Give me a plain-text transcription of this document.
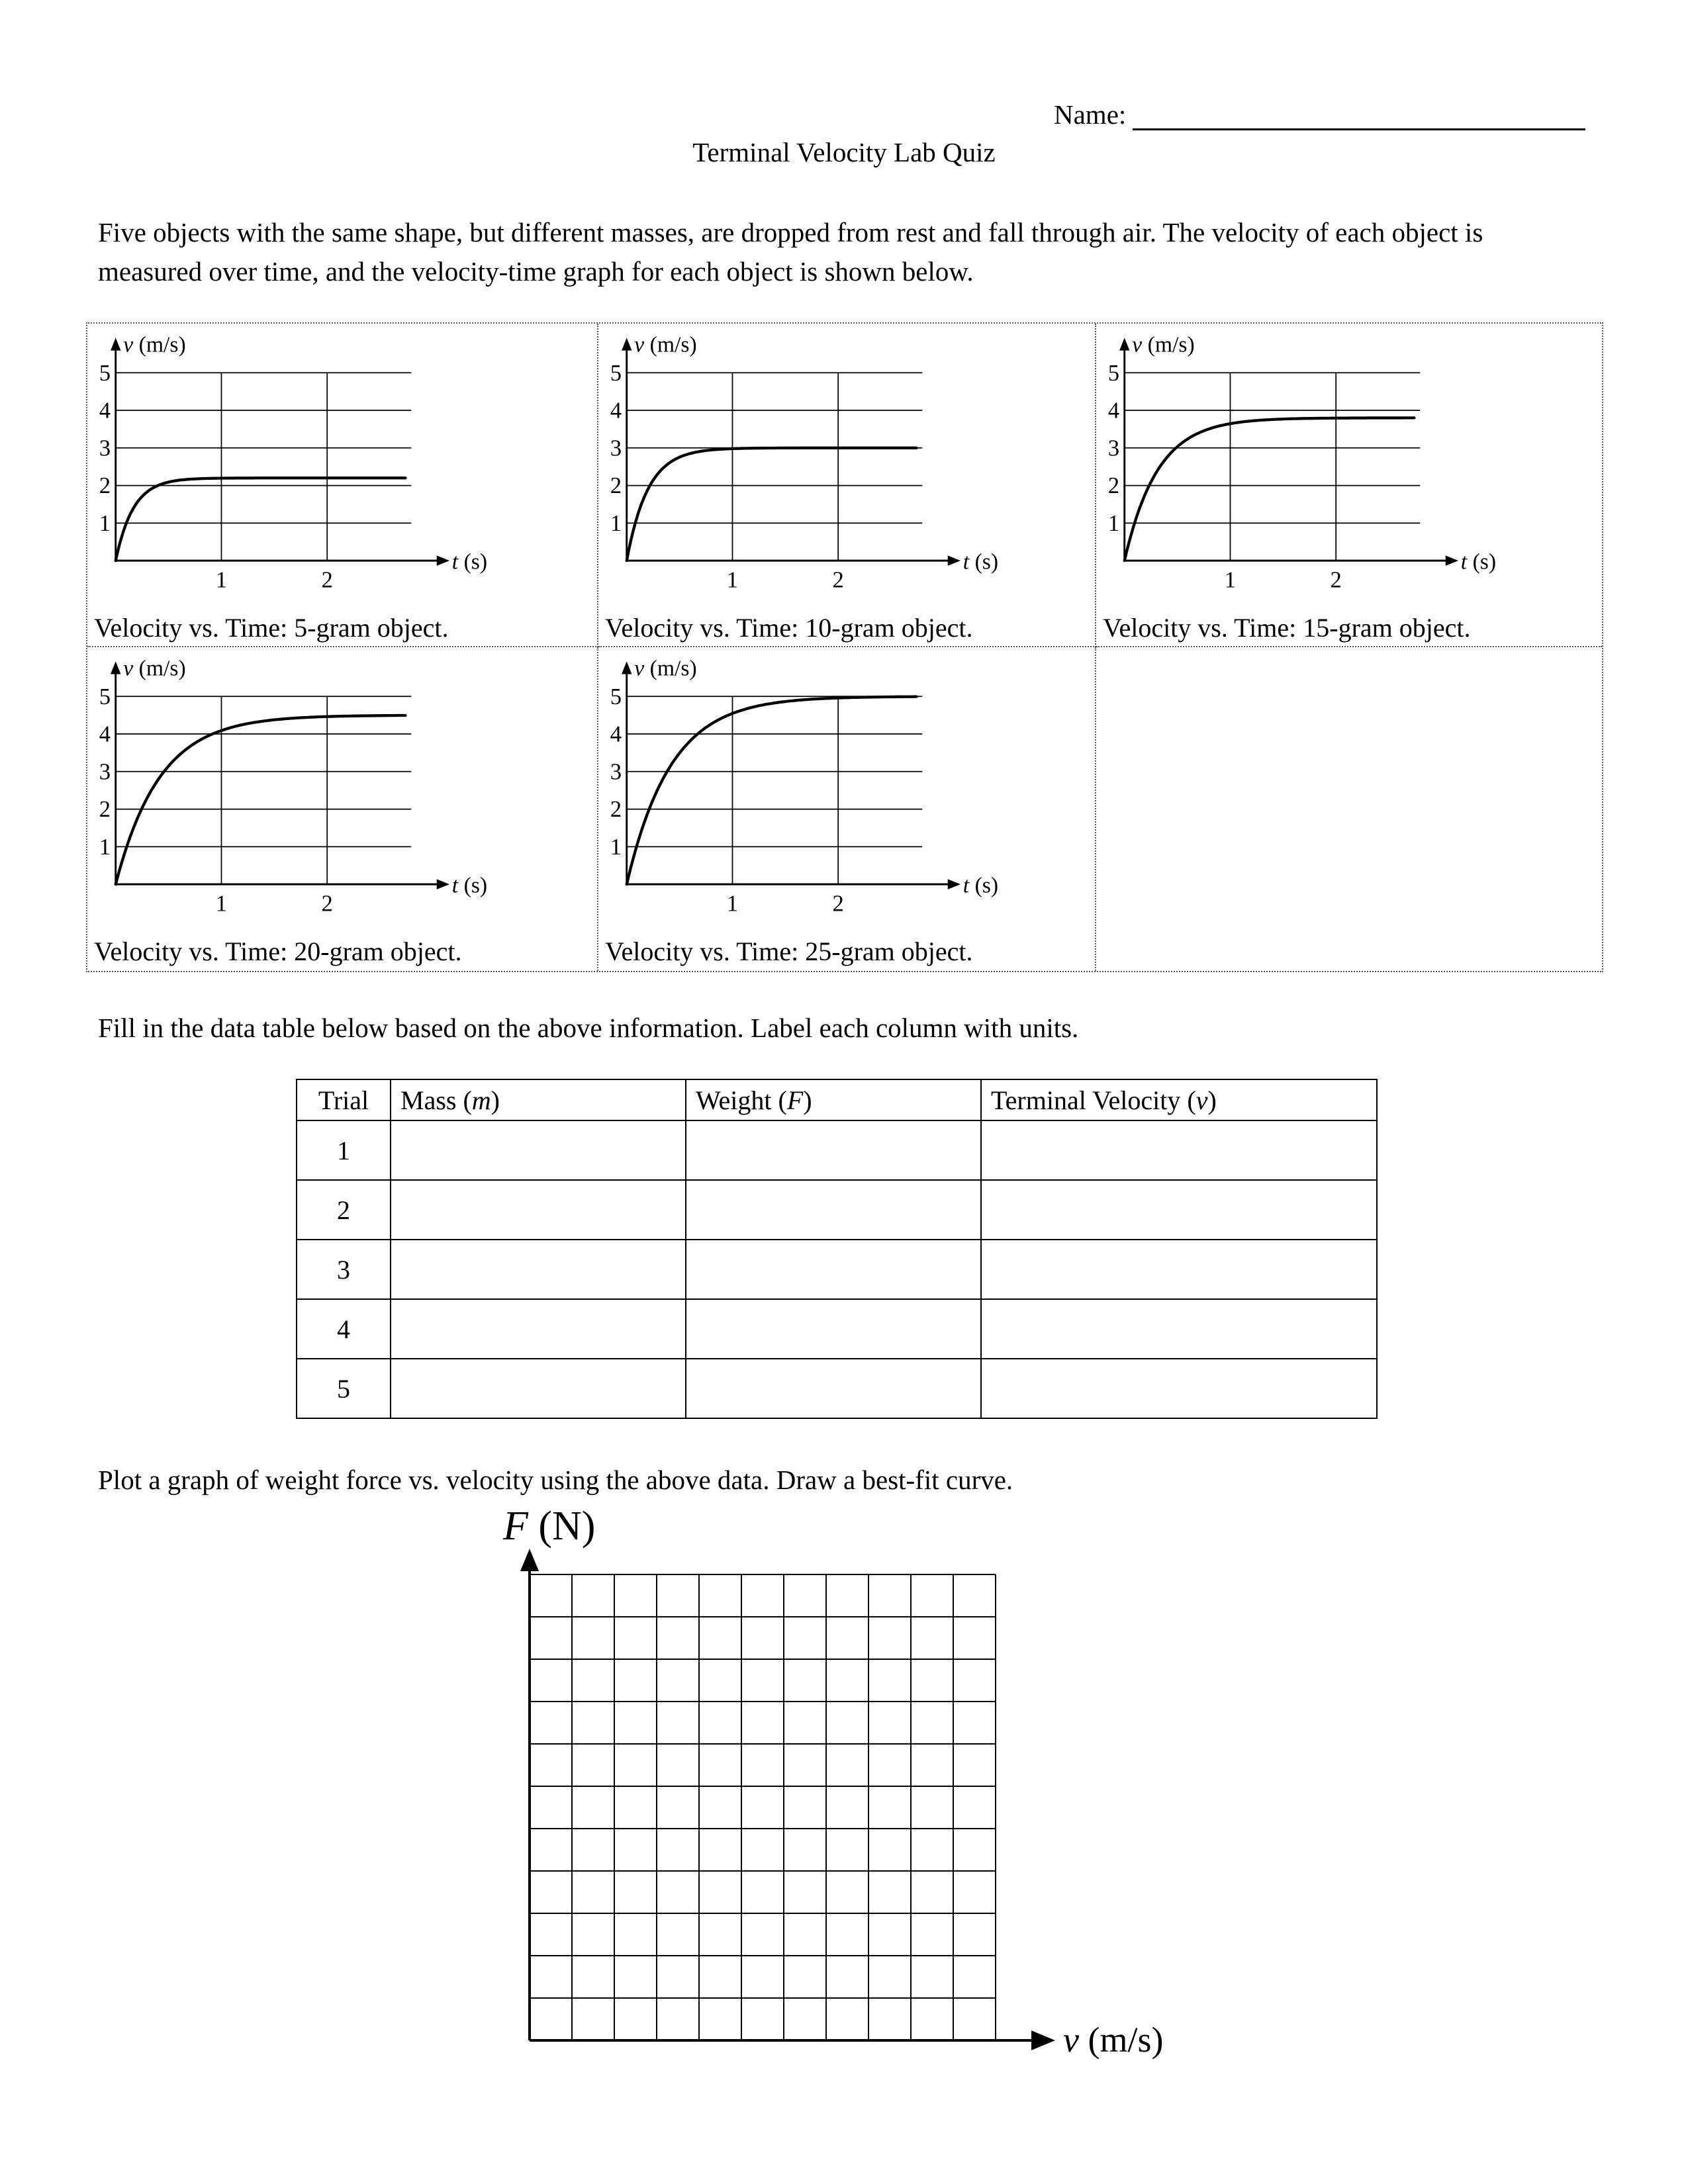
Name:
Terminal Velocity Lab Quiz
Five objects with the same shape, but different masses, are dropped from rest and fall through air. The velocity of each object is measured over time, and the velocity-time graph for each object is shown below.
v (m/s)
t (s)
1
2
3
4
5
1	2
Velocity vs. Time: 5-gram object.
v (m/s)
t (s)
1
2
3
4
5
1	2
Velocity vs. Time: 10-gram object.
v (m/s)
t (s)
1
2
3
4
5
1	2
Velocity vs. Time: 15-gram object.
v (m/s)
t (s)
1
2
3
4
5
1	2
Velocity vs. Time: 20-gram object.
v (m/s)
t (s)
1
2
3
4
5
1	2
Velocity vs. Time: 25-gram object.
Fill in the data table below based on the above information. Label each column with units.
Trial	Mass (m)	Weight (F)	Terminal Velocity (v)
1			
2			
3			
4			
5			
Plot a graph of weight force vs. velocity using the above data. Draw a best-fit curve.
F (N)
v (m/s)
